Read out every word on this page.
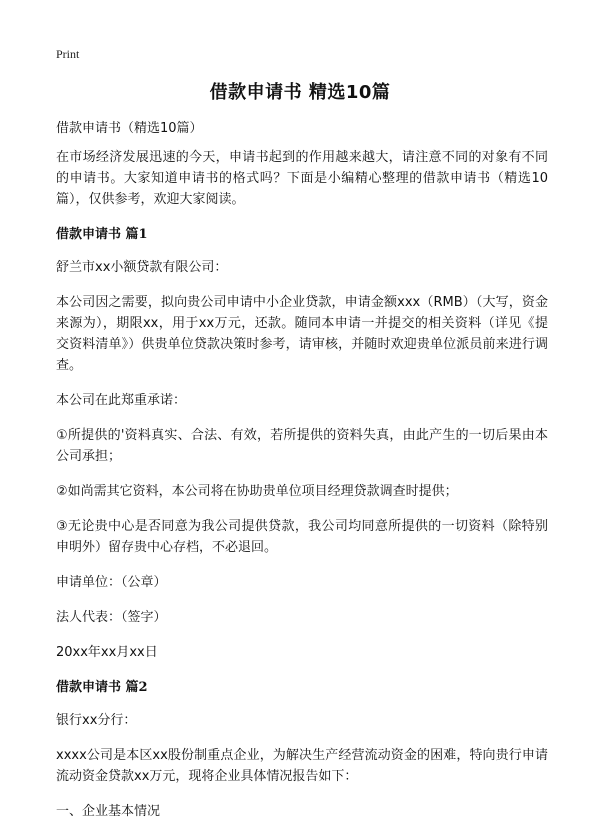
Print
借款申请书 精选10篇

借款申请书（精选10篇）

在市场经济发展迅速的今天，申请书起到的作用越来越大，请注意不同的对象有不同的申请书。大家知道申请书的格式吗？下面是小编精心整理的借款申请书（精选10篇），仅供参考，欢迎大家阅读。

借款申请书 篇1

舒兰市xx小额贷款有限公司：

本公司因之需要，拟向贵公司申请中小企业贷款，申请金额xxx（RMB）（大写，资金来源为），期限xx，用于xx万元，还款。随同本申请一并提交的相关资料（详见《提交资料清单》）供贵单位贷款决策时参考，请审核，并随时欢迎贵单位派员前来进行调查。

本公司在此郑重承诺：

①所提供的'资料真实、合法、有效，若所提供的资料失真，由此产生的一切后果由本公司承担；

②如尚需其它资料，本公司将在协助贵单位项目经理贷款调查时提供；

③无论贵中心是否同意为我公司提供贷款，我公司均同意所提供的一切资料（除特别申明外）留存贵中心存档，不必退回。

申请单位：（公章）

法人代表：（签字）

20xx年xx月xx日

借款申请书 篇2

银行xx分行：

xxxx公司是本区xx股份制重点企业，为解决生产经营流动资金的困难，特向贵行申请流动资金贷款xx万元，现将企业具体情况报告如下：

一、企业基本情况
